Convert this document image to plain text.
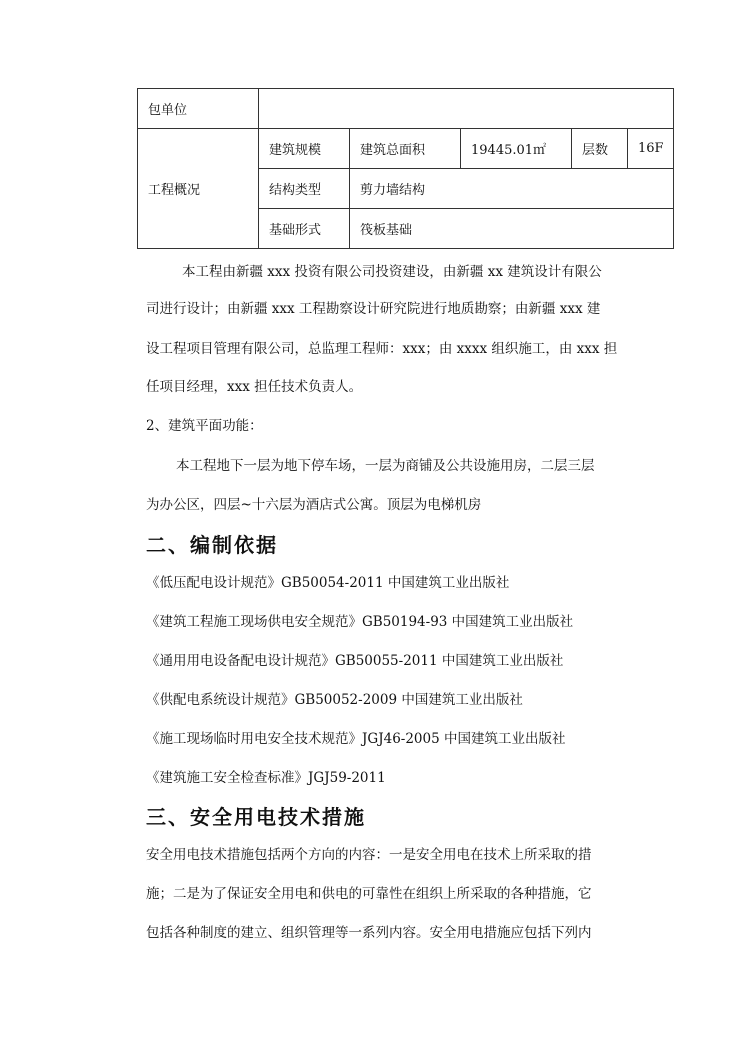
包单位					
工程概况	建筑规模	建筑总面积	19445.01㎡	层数	16F
	结构类型	剪力墙结构			
	基础形式	筏板基础			

本工程由新疆 xxx 投资有限公司投资建设，由新疆 xx 建筑设计有限公

司进行设计；由新疆 xxx 工程勘察设计研究院进行地质勘察；由新疆 xxx 建

设工程项目管理有限公司，总监理工程师：xxx；由 xxxx 组织施工，由 xxx 担

任项目经理，xxx 担任技术负责人。

2、建筑平面功能：

本工程地下一层为地下停车场，一层为商铺及公共设施用房，二层三层

为办公区，四层~十六层为酒店式公寓。顶层为电梯机房

二、编制依据

《低压配电设计规范》GB50054-2011 中国建筑工业出版社

《建筑工程施工现场供电安全规范》GB50194-93 中国建筑工业出版社

《通用用电设备配电设计规范》GB50055-2011 中国建筑工业出版社

《供配电系统设计规范》GB50052-2009 中国建筑工业出版社

《施工现场临时用电安全技术规范》JGJ46-2005 中国建筑工业出版社

《建筑施工安全检查标准》JGJ59-2011

三、安全用电技术措施

安全用电技术措施包括两个方向的内容：一是安全用电在技术上所采取的措

施；二是为了保证安全用电和供电的可靠性在组织上所采取的各种措施，它

包括各种制度的建立、组织管理等一系列内容。安全用电措施应包括下列内
